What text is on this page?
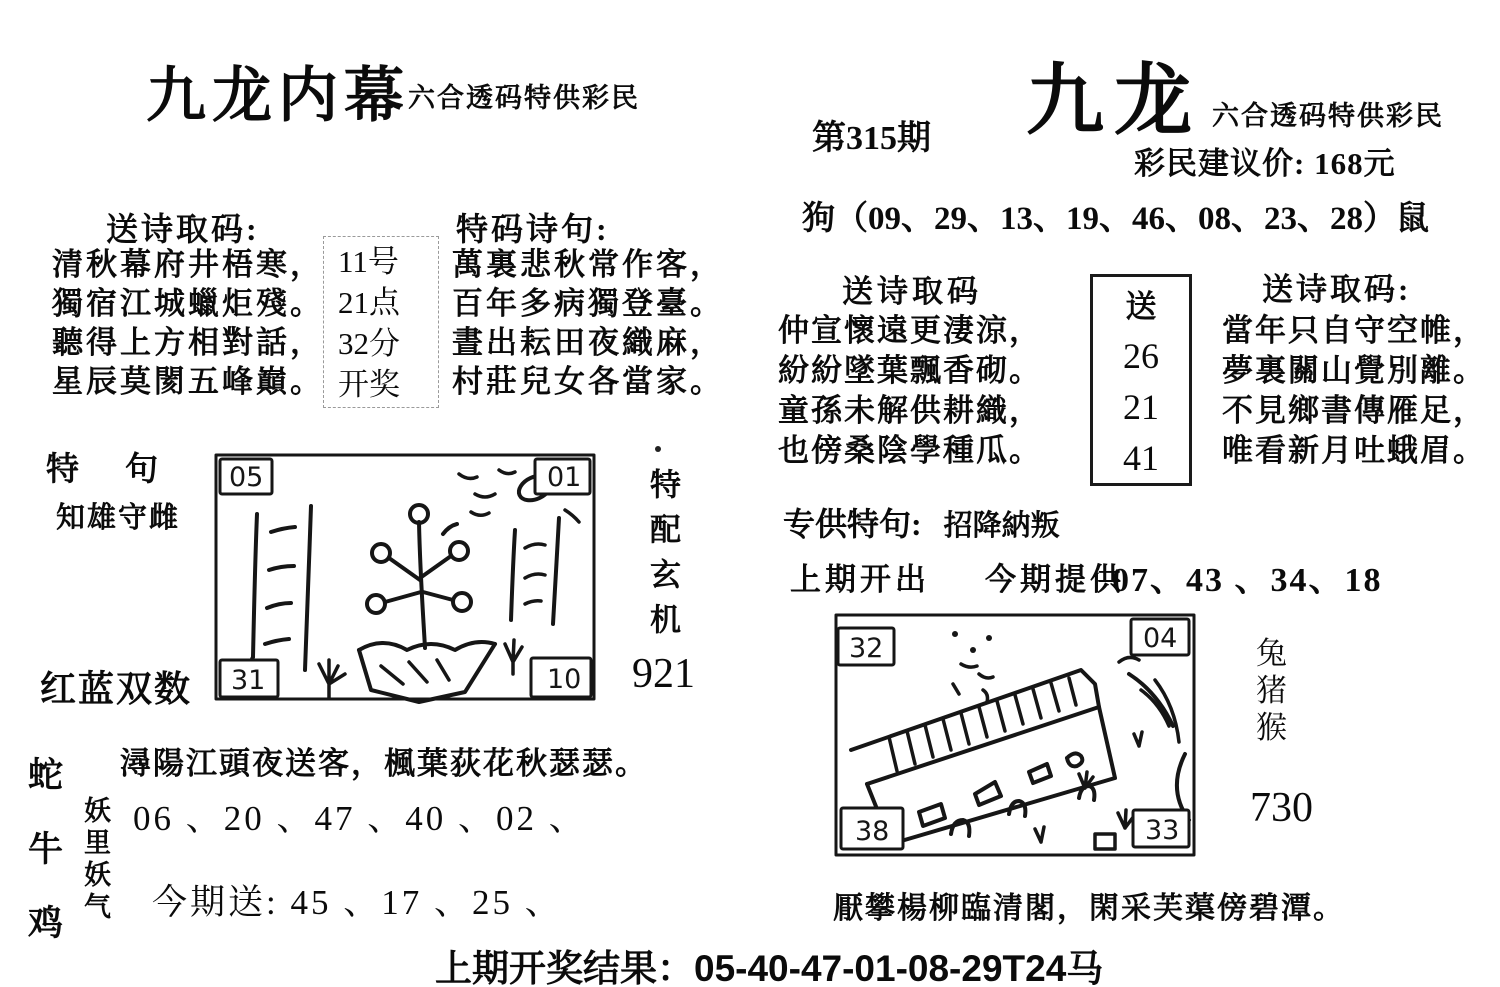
九龙内幕
六合透码特供彩民
第315期 九龙 六合透码特供彩民
彩民建议价: 168元
狗（09、29、13、19、46、08、23、28）鼠
送诗取码:
清秋幕府井梧寒，
獨宿江城蠟炬殘。
聽得上方相對話，
星辰莫閡五峰巔。
11号
21点
32分
开奖
特码诗句:
萬裏悲秋常作客，
百年多病獨登臺。
晝出耘田夜織麻，
村莊兒女各當家。
特句
知雄守雌
红蓝双数
05	01
31	10
特配玄机
921
蛇
牛
鸡 妖里妖气
潯陽江頭夜送客，楓葉荻花秋瑟瑟。
06 、20 、47 、40 、02 、
今期送: 45 、17 、25 、
送诗取码
仲宣懷遠更淒涼，
紛紛墜葉飄香砌。
童孫未解供耕織，
也傍桑陰學種瓜。
送
26
21
41
送诗取码:
當年只自守空帷，
夢裏關山覺別離。
不見鄉書傳雁足，
唯看新月吐蛾眉。
专供特句: 招降納叛
上期开出 今期提供
07、43 、34、18
32	04
38	33
兔
猪
猴
730
厭攀楊柳臨清閣，閑采芙蕖傍碧潭。
上期开奖结果：05-40-47-01-08-29T24马
